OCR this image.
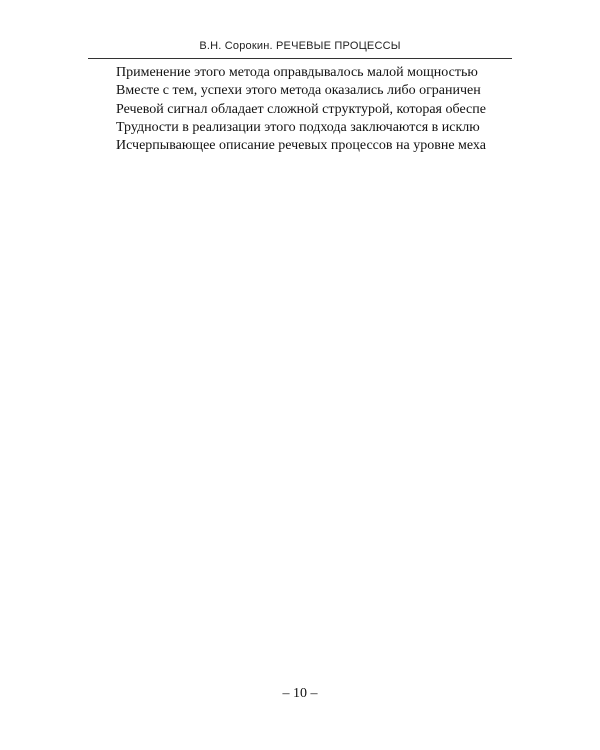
В.Н. Сорокин. РЕЧЕВЫЕ ПРОЦЕССЫ

Применение этого метода оправдывалось малой мощностью

Вместе с тем, успехи этого метода оказались либо ограничен

Речевой сигнал обладает сложной структурой, которая обеспе

Трудности в реализации этого подхода заключаются в исклю

Исчерпывающее описание речевых процессов на уровне меха

– 10 –
